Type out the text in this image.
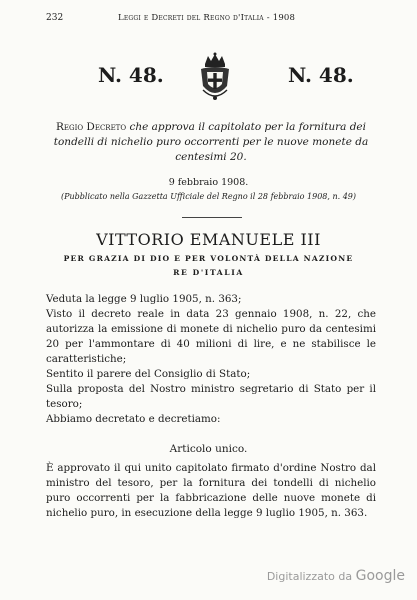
232	Leggi e Decreti del Regno d'Italia - 1908
N. 48.	N. 48.
Regio Decreto che approva il capitolato per la fornitura dei tondelli di nichelio puro occorrenti per le nuove monete da centesimi 20.
9 febbraio 1908.
(Pubblicato nella Gazzetta Ufficiale del Regno il 28 febbraio 1908, n. 49)
VITTORIO EMANUELE III
PER GRAZIA DI DIO E PER VOLONTÀ DELLA NAZIONE
RE D'ITALIA
Veduta la legge 9 luglio 1905, n. 363;
Visto il decreto reale in data 23 gennaio 1908, n. 22, che autorizza la emissione di monete di nichelio puro da centesimi 20 per l'ammontare di 40 milioni di lire, e ne stabilisce le caratteristiche;
Sentito il parere del Consiglio di Stato;
Sulla proposta del Nostro ministro segretario di Stato per il tesoro;
Abbiamo decretato e decretiamo:
Articolo unico.
È approvato il qui unito capitolato firmato d'ordine Nostro dal ministro del tesoro, per la fornitura dei tondelli di nichelio puro occorrenti per la fabbricazione delle nuove monete di nichelio puro, in esecuzione della legge 9 luglio 1905, n. 363.
Digitalizzato da Google
